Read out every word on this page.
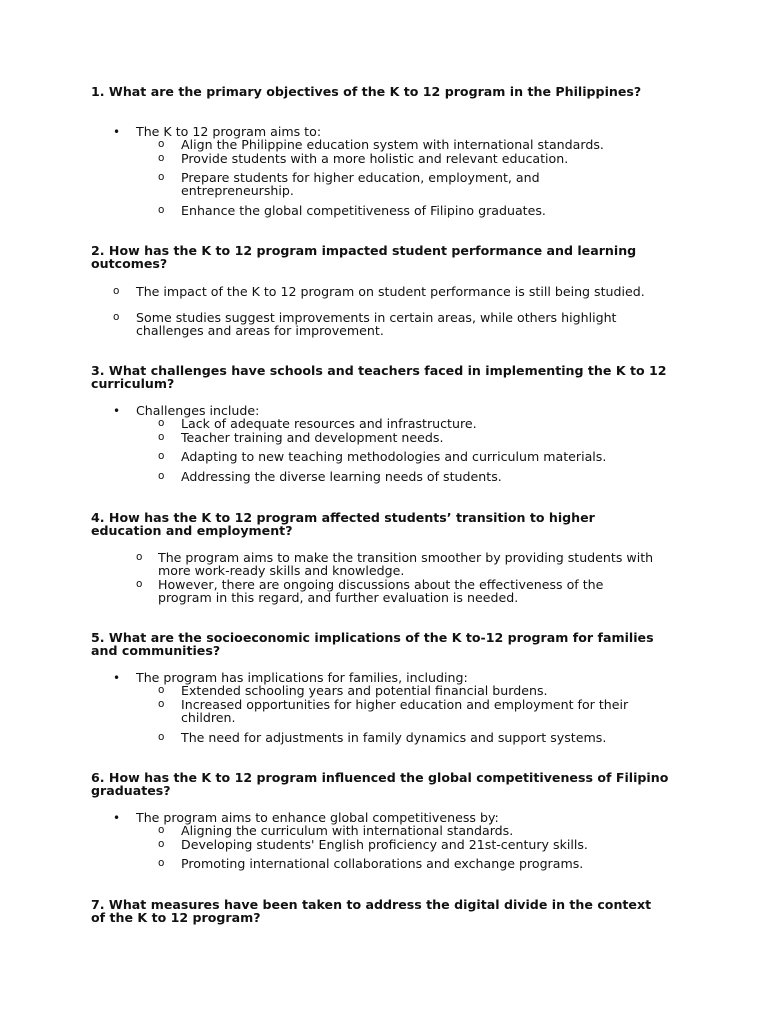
1. What are the primary objectives of the K to 12 program in the Philippines?

• The K to 12 program aims to:
o Align the Philippine education system with international standards.
o Provide students with a more holistic and relevant education.
o Prepare students for higher education, employment, and entrepreneurship.
o Enhance the global competitiveness of Filipino graduates.

2. How has the K to 12 program impacted student performance and learning outcomes?

o The impact of the K to 12 program on student performance is still being studied.
o Some studies suggest improvements in certain areas, while others highlight challenges and areas for improvement.

3. What challenges have schools and teachers faced in implementing the K to 12 curriculum?

• Challenges include:
o Lack of adequate resources and infrastructure.
o Teacher training and development needs.
o Adapting to new teaching methodologies and curriculum materials.
o Addressing the diverse learning needs of students.

4. How has the K to 12 program affected students’ transition to higher education and employment?

o The program aims to make the transition smoother by providing students with more work-ready skills and knowledge.
o However, there are ongoing discussions about the effectiveness of the program in this regard, and further evaluation is needed.

5. What are the socioeconomic implications of the K to-12 program for families and communities?

• The program has implications for families, including:
o Extended schooling years and potential financial burdens.
o Increased opportunities for higher education and employment for their children.
o The need for adjustments in family dynamics and support systems.

6. How has the K to 12 program influenced the global competitiveness of Filipino graduates?

• The program aims to enhance global competitiveness by:
o Aligning the curriculum with international standards.
o Developing students' English proficiency and 21st-century skills.
o Promoting international collaborations and exchange programs.

7. What measures have been taken to address the digital divide in the context of the K to 12 program?
